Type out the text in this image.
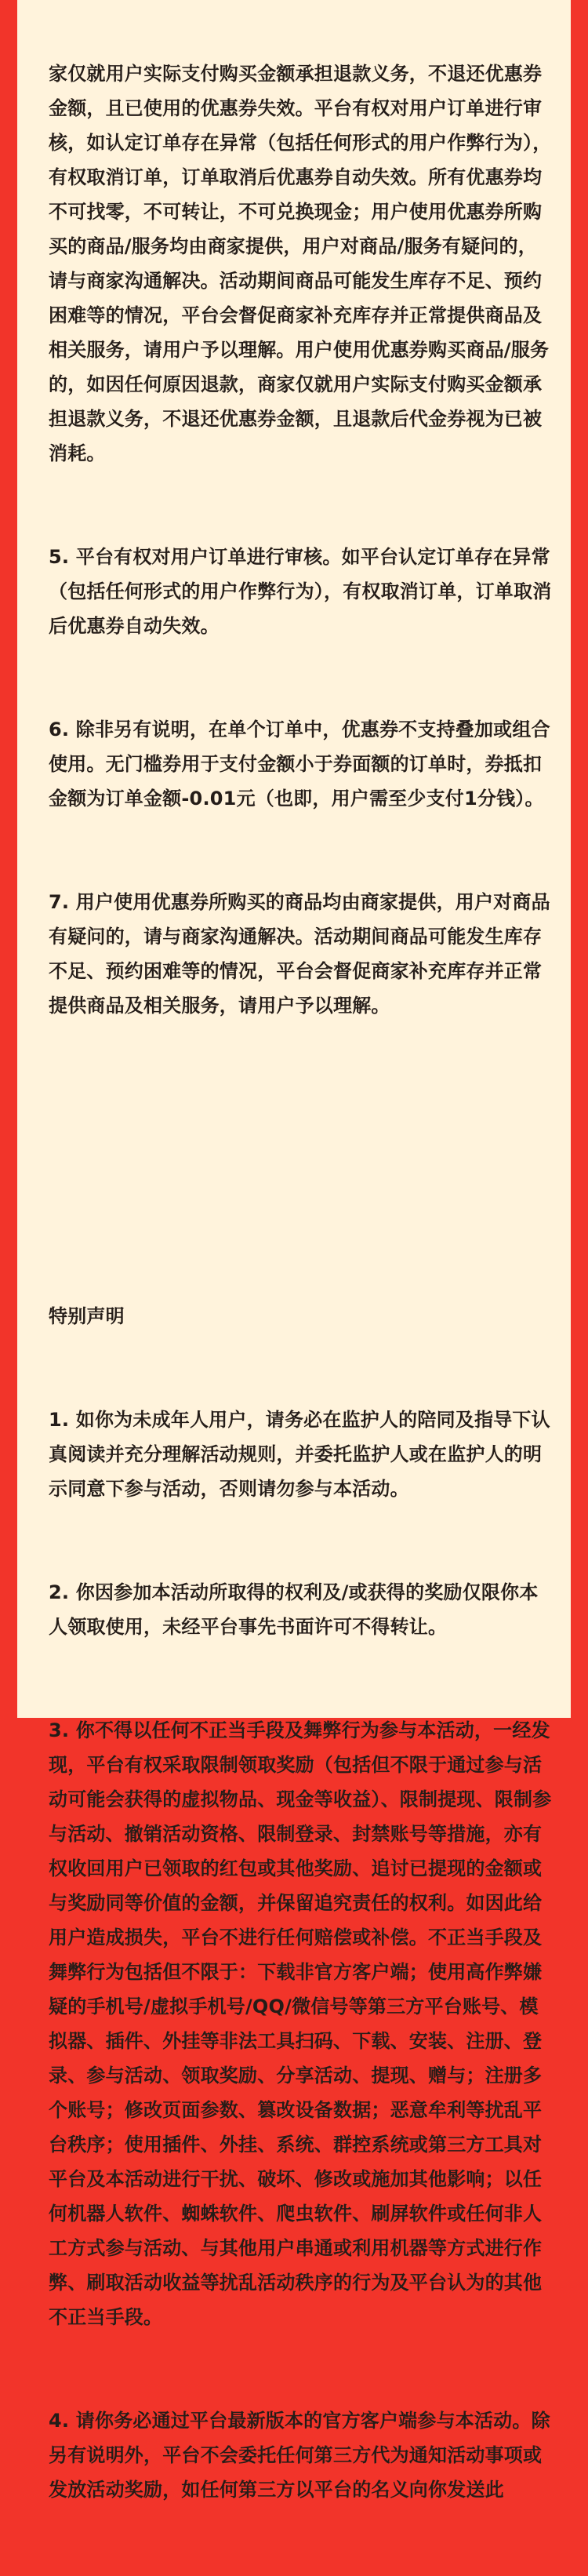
家仅就用户实际支付购买金额承担退款义务，不退还优惠券金额，且已使用的优惠券失效。平台有权对用户订单进行审核，如认定订单存在异常（包括任何形式的用户作弊行为），有权取消订单，订单取消后优惠券自动失效。所有优惠券均不可找零，不可转让，不可兑换现金；用户使用优惠券所购买的商品/服务均由商家提供，用户对商品/服务有疑问的，请与商家沟通解决。活动期间商品可能发生库存不足、预约困难等的情况，平台会督促商家补充库存并正常提供商品及相关服务，请用户予以理解。用户使用优惠券购买商品/服务的，如因任何原因退款，商家仅就用户实际支付购买金额承担退款义务，不退还优惠券金额，且退款后代金券视为已被消耗。

5. 平台有权对用户订单进行审核。如平台认定订单存在异常（包括任何形式的用户作弊行为），有权取消订单，订单取消后优惠券自动失效。

6. 除非另有说明，在单个订单中，优惠券不支持叠加或组合使用。无门槛券用于支付金额小于券面额的订单时，券抵扣金额为订单金额-0.01元（也即，用户需至少支付1分钱）。

7. 用户使用优惠券所购买的商品均由商家提供，用户对商品有疑问的，请与商家沟通解决。活动期间商品可能发生库存不足、预约困难等的情况，平台会督促商家补充库存并正常提供商品及相关服务，请用户予以理解。

特别声明

1. 如你为未成年人用户，请务必在监护人的陪同及指导下认真阅读并充分理解活动规则，并委托监护人或在监护人的明示同意下参与活动，否则请勿参与本活动。

2. 你因参加本活动所取得的权利及/或获得的奖励仅限你本人领取使用，未经平台事先书面许可不得转让。

3. 你不得以任何不正当手段及舞弊行为参与本活动，一经发现，平台有权采取限制领取奖励（包括但不限于通过参与活动可能会获得的虚拟物品、现金等收益）、限制提现、限制参与活动、撤销活动资格、限制登录、封禁账号等措施，亦有权收回用户已领取的红包或其他奖励、追讨已提现的金额或与奖励同等价值的金额，并保留追究责任的权利。如因此给用户造成损失，平台不进行任何赔偿或补偿。不正当手段及舞弊行为包括但不限于：下载非官方客户端；使用高作弊嫌疑的手机号/虚拟手机号/QQ/微信号等第三方平台账号、模拟器、插件、外挂等非法工具扫码、下载、安装、注册、登录、参与活动、领取奖励、分享活动、提现、赠与；注册多个账号；修改页面参数、篡改设备数据；恶意牟利等扰乱平台秩序；使用插件、外挂、系统、群控系统或第三方工具对平台及本活动进行干扰、破坏、修改或施加其他影响；以任何机器人软件、蜘蛛软件、爬虫软件、刷屏软件或任何非人工方式参与活动、与其他用户串通或利用机器等方式进行作弊、刷取活动收益等扰乱活动秩序的行为及平台认为的其他不正当手段。

4. 请你务必通过平台最新版本的官方客户端参与本活动。除另有说明外，平台不会委托任何第三方代为通知活动事项或发放活动奖励，如任何第三方以平台的名义向你发送此
